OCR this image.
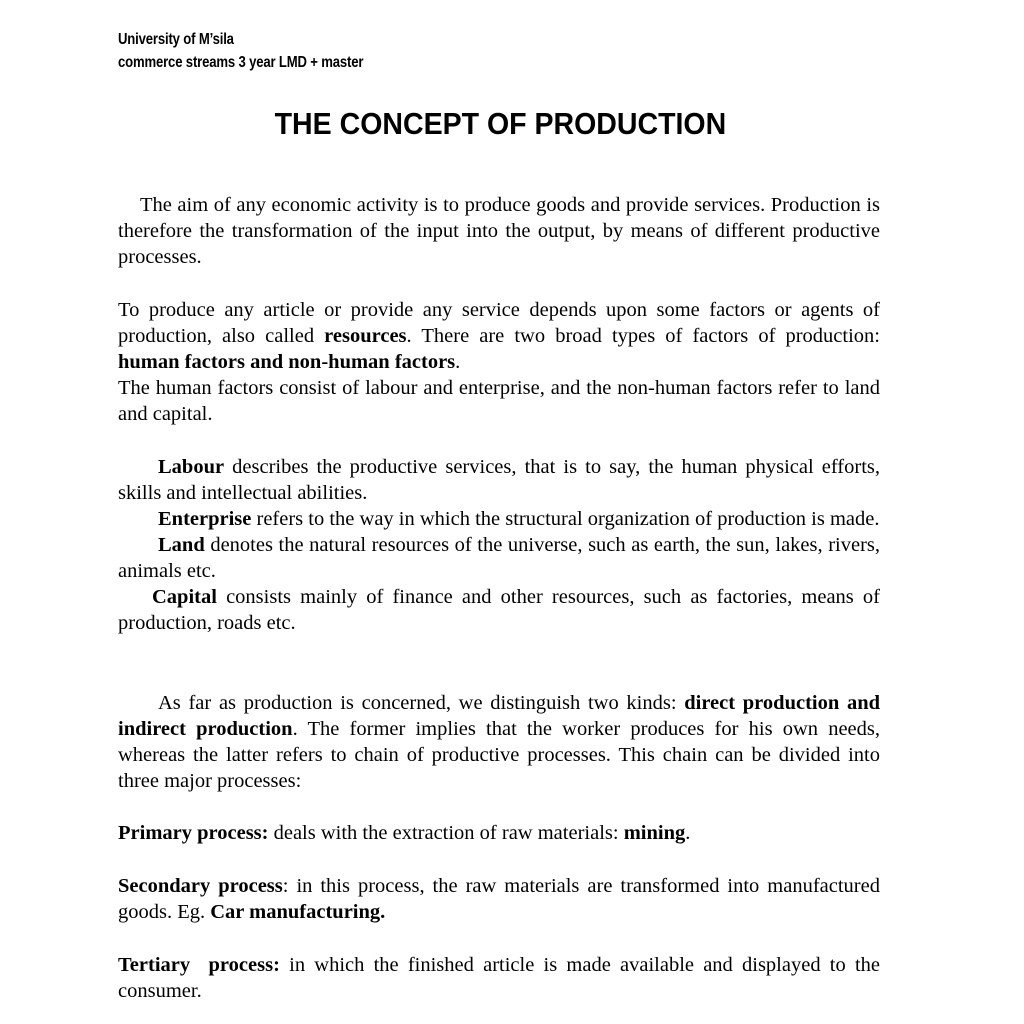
University of M’sila
commerce streams 3 year LMD + master
THE CONCEPT OF PRODUCTION

The aim of any economic activity is to produce goods and provide services. Production is therefore the transformation of the input into the output, by means of different productive processes.

To produce any article or provide any service depends upon some factors or agents of production, also called resources. There are two broad types of factors of production: human factors and non-human factors.

The human factors consist of labour and enterprise, and the non-human factors refer to land and capital.

Labour describes the productive services, that is to say, the human physical efforts, skills and intellectual abilities.

Enterprise refers to the way in which the structural organization of production is made.

Land denotes the natural resources of the universe, such as earth, the sun, lakes, rivers, animals etc.

Capital consists mainly of finance and other resources, such as factories, means of production, roads etc.

As far as production is concerned, we distinguish two kinds: direct production and indirect production. The former implies that the worker produces for his own needs, whereas the latter refers to chain of productive processes. This chain can be divided into three major processes:

Primary process: deals with the extraction of raw materials: mining.

Secondary process: in this process, the raw materials are transformed into manufactured goods. Eg. Car manufacturing.

Tertiary  process: in which the finished article is made available and displayed to the consumer.
